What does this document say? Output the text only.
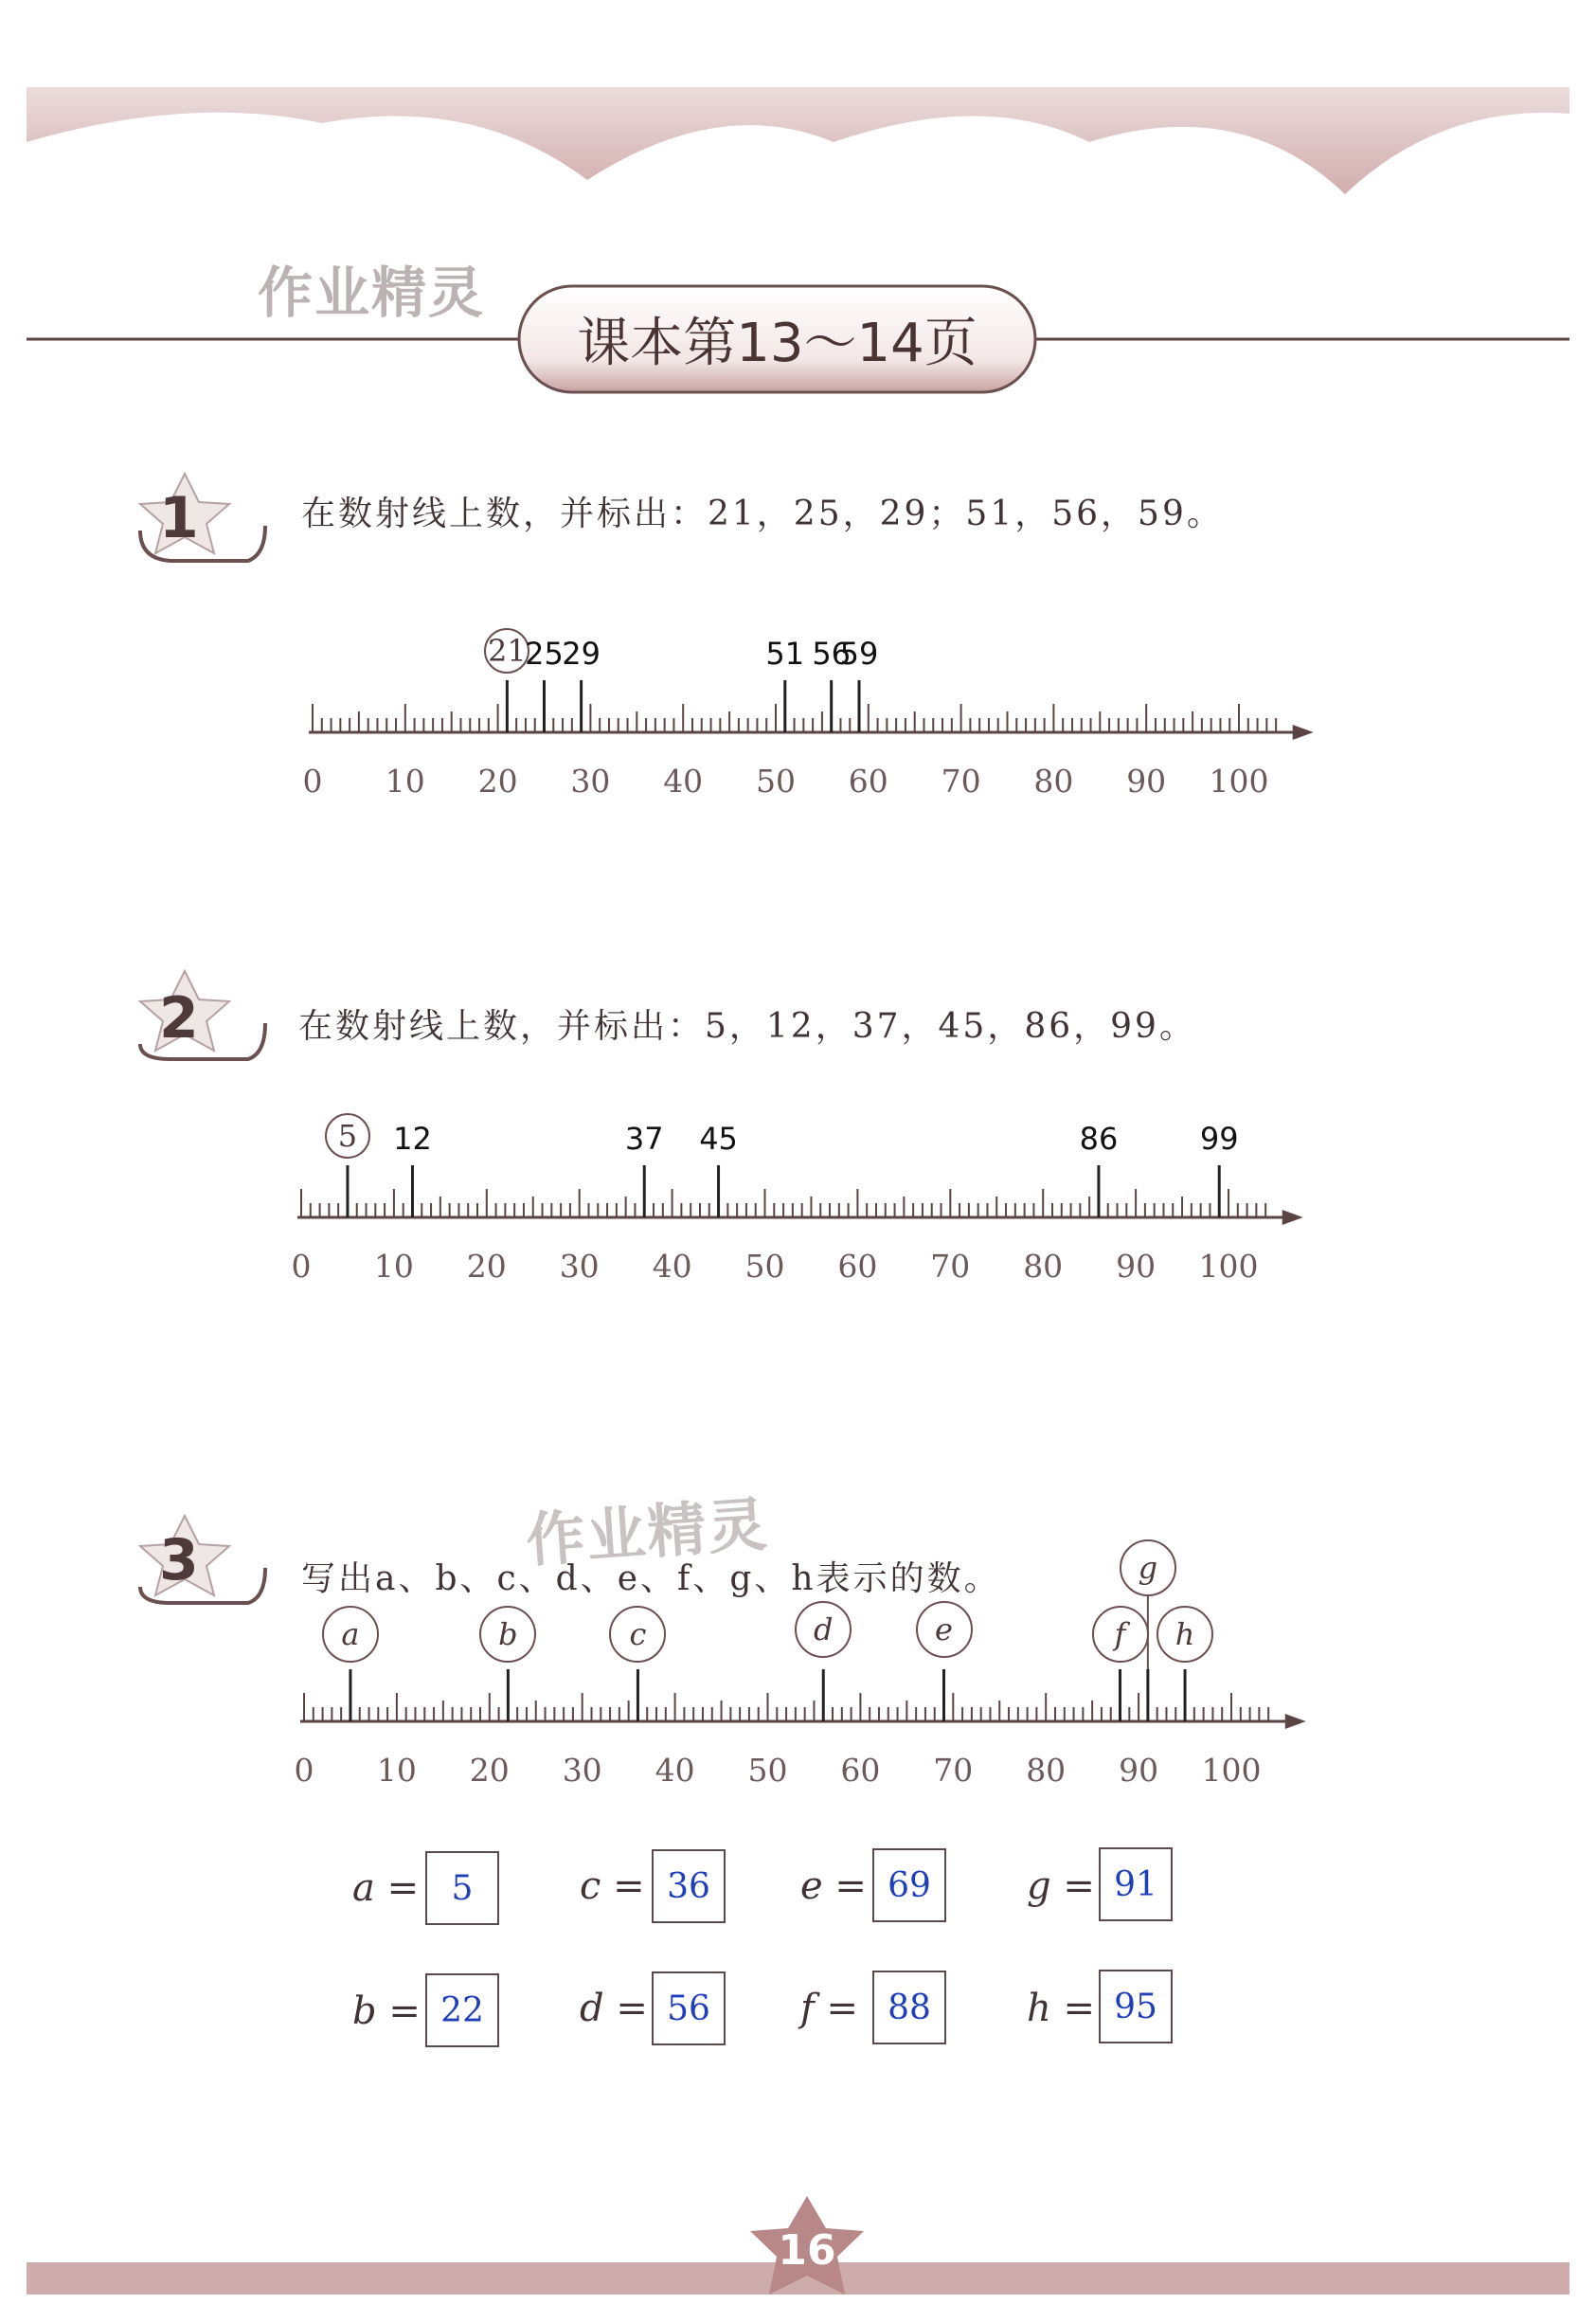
作业精灵
作业精灵
课本第13～14页
1	在数射线上数，并标出：21，25，29；51，56，59。
2	在数射线上数，并标出：5，12，37，45，86，99。
3	写出a、b、c、d、e、f、g、h表示的数。
0 10 20 30 40 50 60 70 80 90 100
21
25
29	51 56
59
0 10 20 30 40 50 60 70 80 90 100
5	12	37 45	86	99
0 10 20 30 40 50 60 70 80 90 100
a	b	c	d	e	f
g
h
a = 5	c = 36	e = 69	g = 91
b = 22	d = 56	f = 88	h = 95
16
